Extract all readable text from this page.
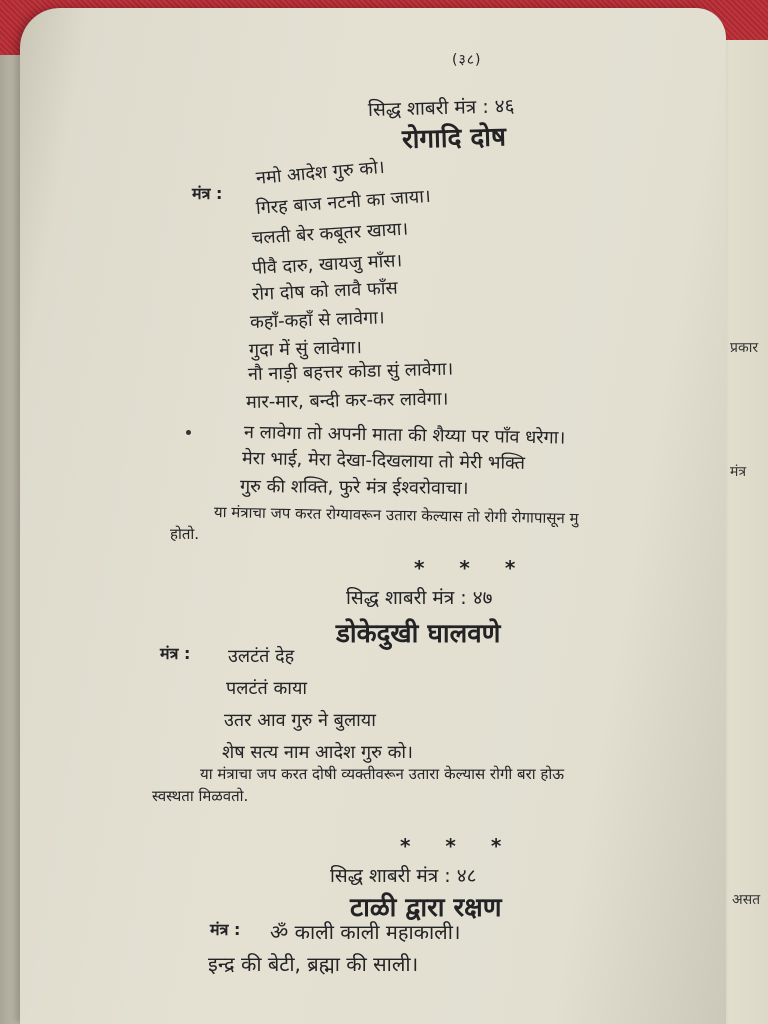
प्रकार
मंत्र
असत
(३८)
सिद्ध शाबरी मंत्र : ४६
रोगादि दोष
मंत्र :
नमो आदेश गुरु को।
गिरह बाज नटनी का जाया।
चलती बेर कबूतर खाया।
पीवै दारु, खायजु माँस।
रोग दोष को लावै फाँस
कहाँ-कहाँ से लावेगा।
गुदा में सुं लावेगा।
नौ नाड़ी बहत्तर कोडा सुं लावेगा।
मार-मार, बन्दी कर-कर लावेगा।
न लावेगा तो अपनी माता की शैय्या पर पाँव धरेगा।
मेरा भाई, मेरा देखा-दिखलाया तो मेरी भक्ति
गुरु की शक्ति, फुरे मंत्र ईश्वरोवाचा।
या मंत्राचा जप करत रोग्यावरून उतारा केल्यास तो रोगी रोगापासून मु
होतो.
* * *
सिद्ध शाबरी मंत्र : ४७
डोकेदुखी घालवणे
मंत्र : उलटंतं देह
पलटंतं काया
उतर आव गुरु ने बुलाया
शेष सत्य नाम आदेश गुरु को।
या मंत्राचा जप करत दोषी व्यक्तीवरून उतारा केल्यास रोगी बरा होऊ
स्वस्थता मिळवतो.
* * *
सिद्ध शाबरी मंत्र : ४८
टाळी द्वारा रक्षण
मंत्र : ॐ काली काली महाकाली।
इन्द्र की बेटी, ब्रह्मा की साली।
